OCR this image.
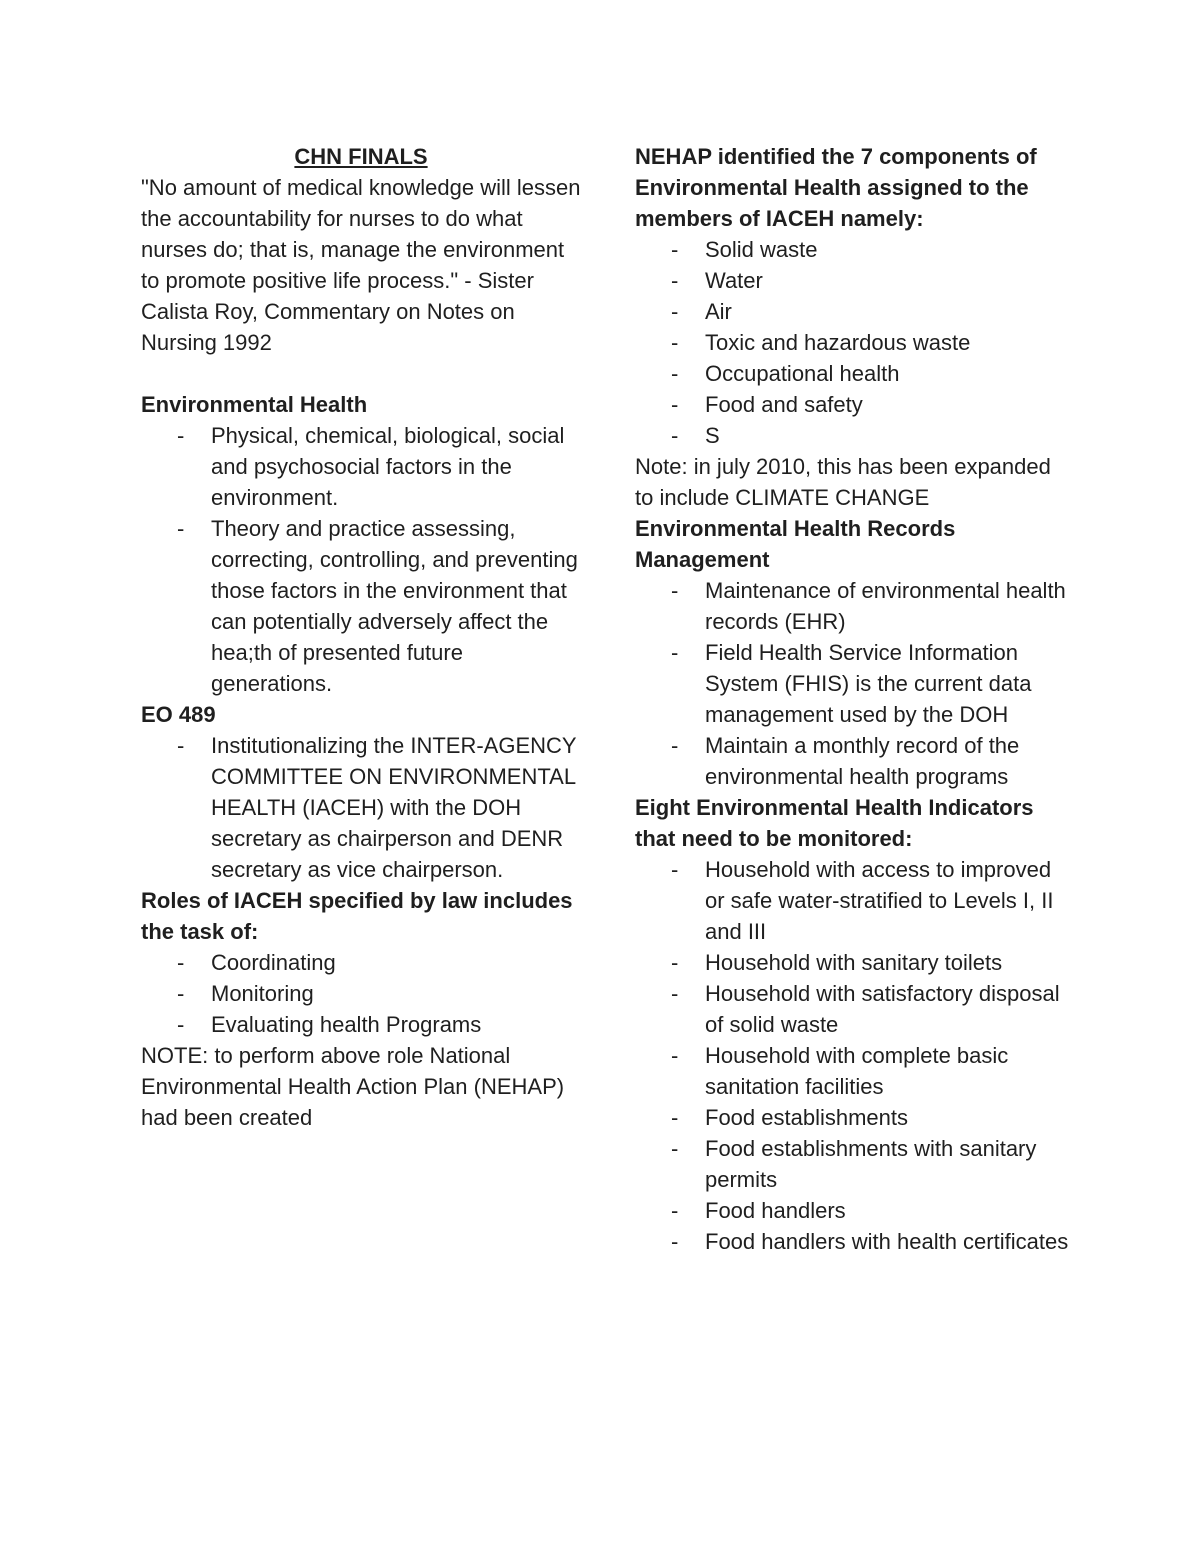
CHN FINALS

"No amount of medical knowledge will lessen the accountability for nurses to do what nurses do; that is, manage the environment to promote positive life process." - Sister Calista Roy, Commentary on Notes on Nursing 1992

Environmental Health

- Physical, chemical, biological, social and psychosocial factors in the environment.
- Theory and practice assessing, correcting, controlling, and preventing those factors in the environment that can potentially adversely affect the hea;th of presented future generations.

EO 489

- Institutionalizing the INTER-AGENCY COMMITTEE ON ENVIRONMENTAL HEALTH (IACEH) with the DOH secretary as chairperson and DENR secretary as vice chairperson.

Roles of IACEH specified by law includes the task of:

- Coordinating
- Monitoring
- Evaluating health Programs

NOTE: to perform above role National Environmental Health Action Plan (NEHAP) had been created

NEHAP identified the 7 components of Environmental Health assigned to the members of IACEH namely:

- Solid waste
- Water
- Air
- Toxic and hazardous waste
- Occupational health
- Food and safety
- S

Note: in july 2010, this has been expanded to include CLIMATE CHANGE

Environmental Health Records Management

- Maintenance of environmental health records (EHR)
- Field Health Service Information System (FHIS) is the current data management used by the DOH
- Maintain a monthly record of the environmental health programs

Eight Environmental Health Indicators that need to be monitored:

- Household with access to improved or safe water-stratified to Levels I, II and III
- Household with sanitary toilets
- Household with satisfactory disposal of solid waste
- Household with complete basic sanitation facilities
- Food establishments
- Food establishments with sanitary permits
- Food handlers
- Food handlers with health certificates
